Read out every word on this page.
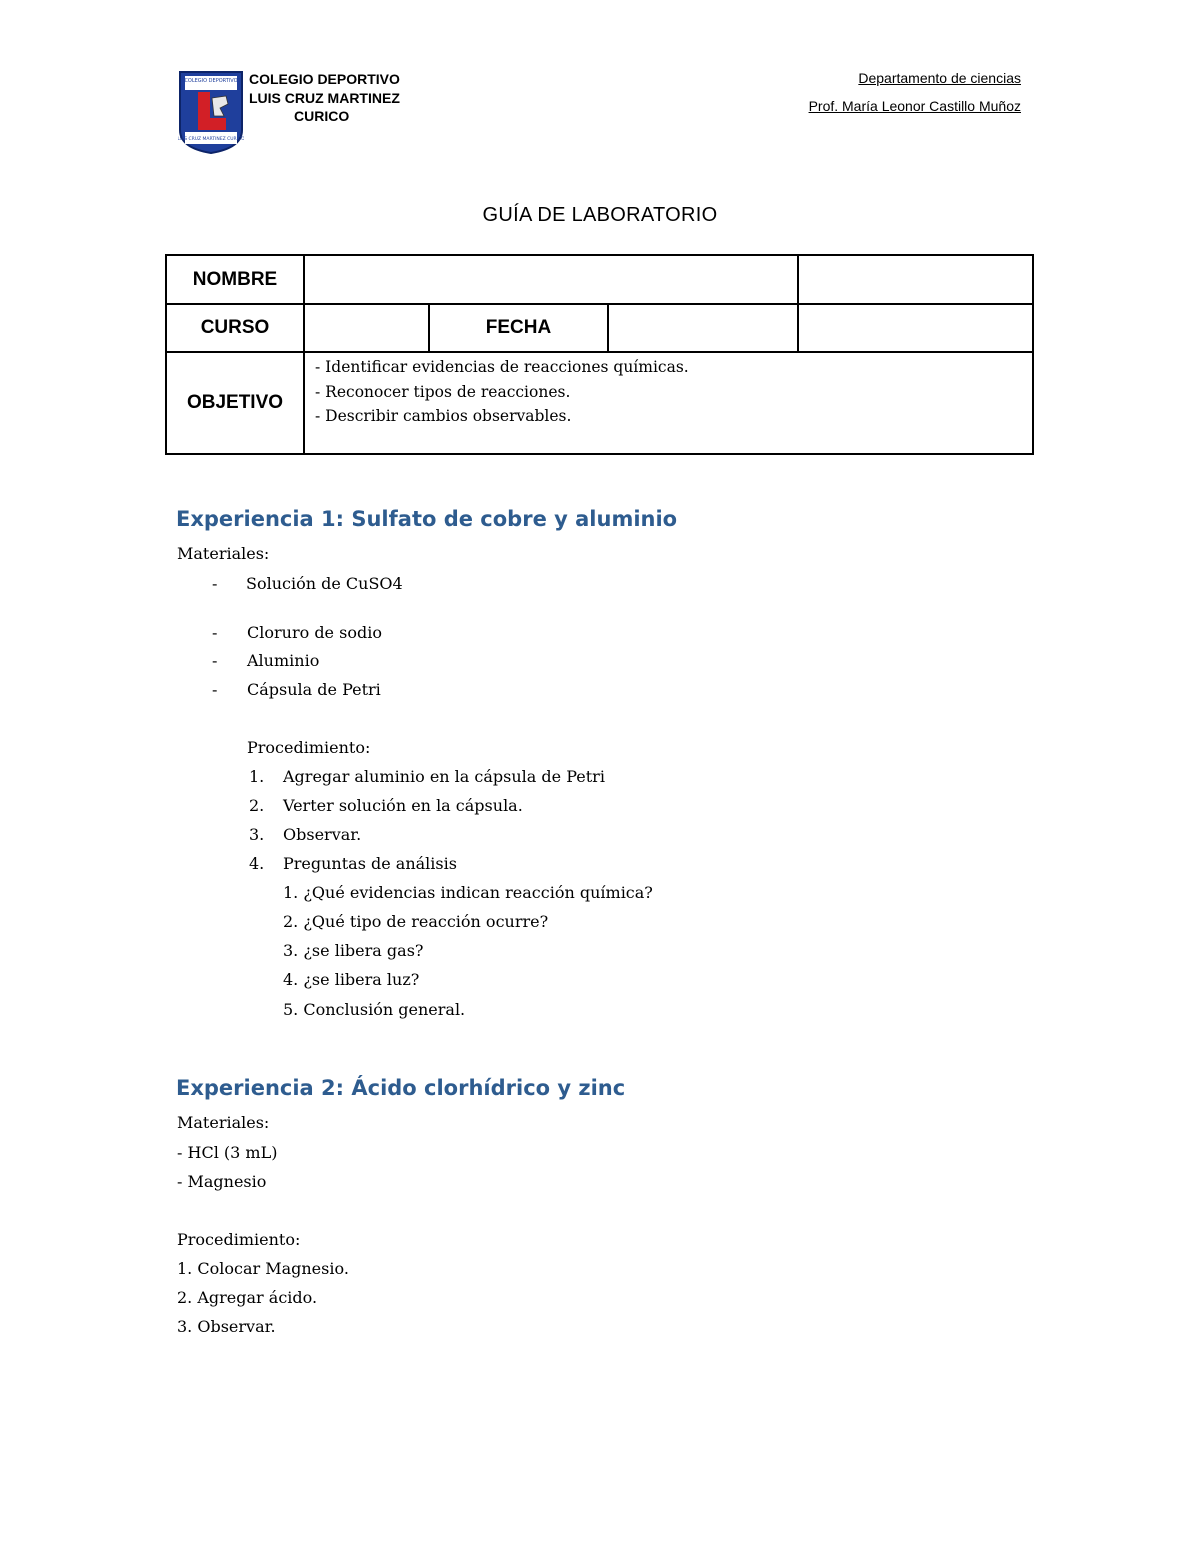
COLEGIO DEPORTIVO
LUIS CRUZ MARTINEZ CURICO
COLEGIO DEPORTIVO
LUIS CRUZ MARTINEZ
CURICO
Departamento de ciencias
Prof. María Leonor Castillo Muñoz
GUÍA DE LABORATORIO
NOMBRE
CURSO	FECHA
OBJETIVO
- Identificar evidencias de reacciones químicas.
- Reconocer tipos de reacciones.
- Describir cambios observables.
Experiencia 1: Sulfato de cobre y aluminio
Materiales:
- Solución de CuSO4
- Cloruro de sodio
- Aluminio
- Cápsula de Petri
Procedimiento:
1. Agregar aluminio en la cápsula de Petri
2. Verter solución en la cápsula.
3. Observar.
4. Preguntas de análisis
1. ¿Qué evidencias indican reacción química?
2. ¿Qué tipo de reacción ocurre?
3. ¿se libera gas?
4. ¿se libera luz?
5. Conclusión general.
Experiencia 2: Ácido clorhídrico y zinc
Materiales:
- HCl (3 mL)
- Magnesio
Procedimiento:
1. Colocar Magnesio.
2. Agregar ácido.
3. Observar.
